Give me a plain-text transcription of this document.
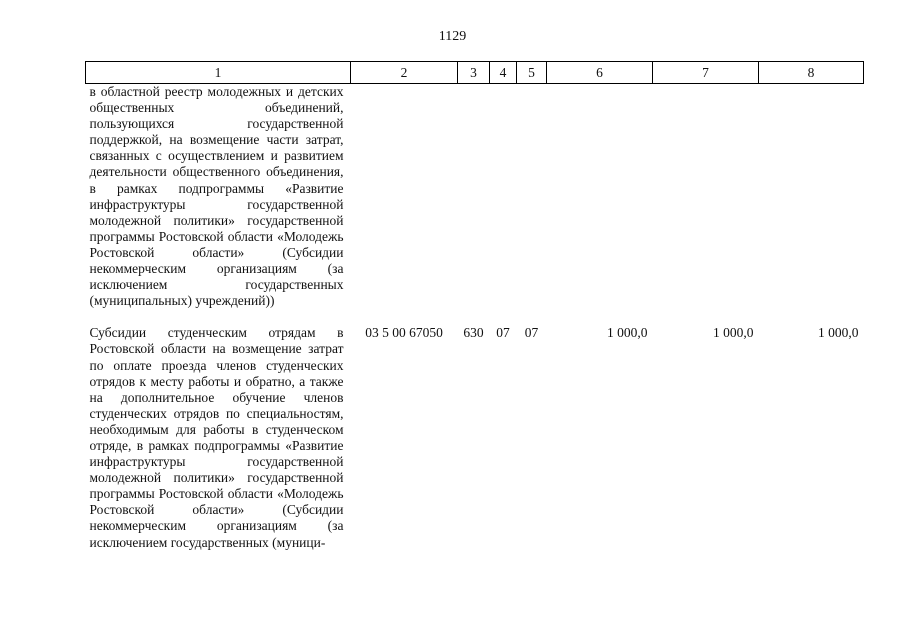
1129
1	2	3	4	5	6	7	8
в областной реестр молодежных и детских общественных объединений, пользующихся государственной поддержкой, на возмещение части затрат, связанных с осуществлением и развитием деятельности общественного объединения, в рамках подпрограммы «Развитие инфраструктуры государственной молодежной политики» государственной программы Ростовской области «Молодежь Ростовской области» (Субсидии некоммерческим организациям (за исключением государственных (муниципальных) учреждений))							
Субсидии студенческим отрядам в Ростовской области на возмещение затрат по оплате проезда членов студенческих отрядов к месту работы и обратно, а также на дополнительное обучение членов студенческих отрядов по специальностям, необходимым для работы в студенческом отряде, в рамках подпрограммы «Развитие инфраструктуры государственной молодежной политики» государственной программы Ростовской области «Молодежь Ростовской области» (Субсидии некоммерческим организациям (за исключением государственных (муници-	03 5 00 67050	630	07	07	1 000,0	1 000,0	1 000,0
